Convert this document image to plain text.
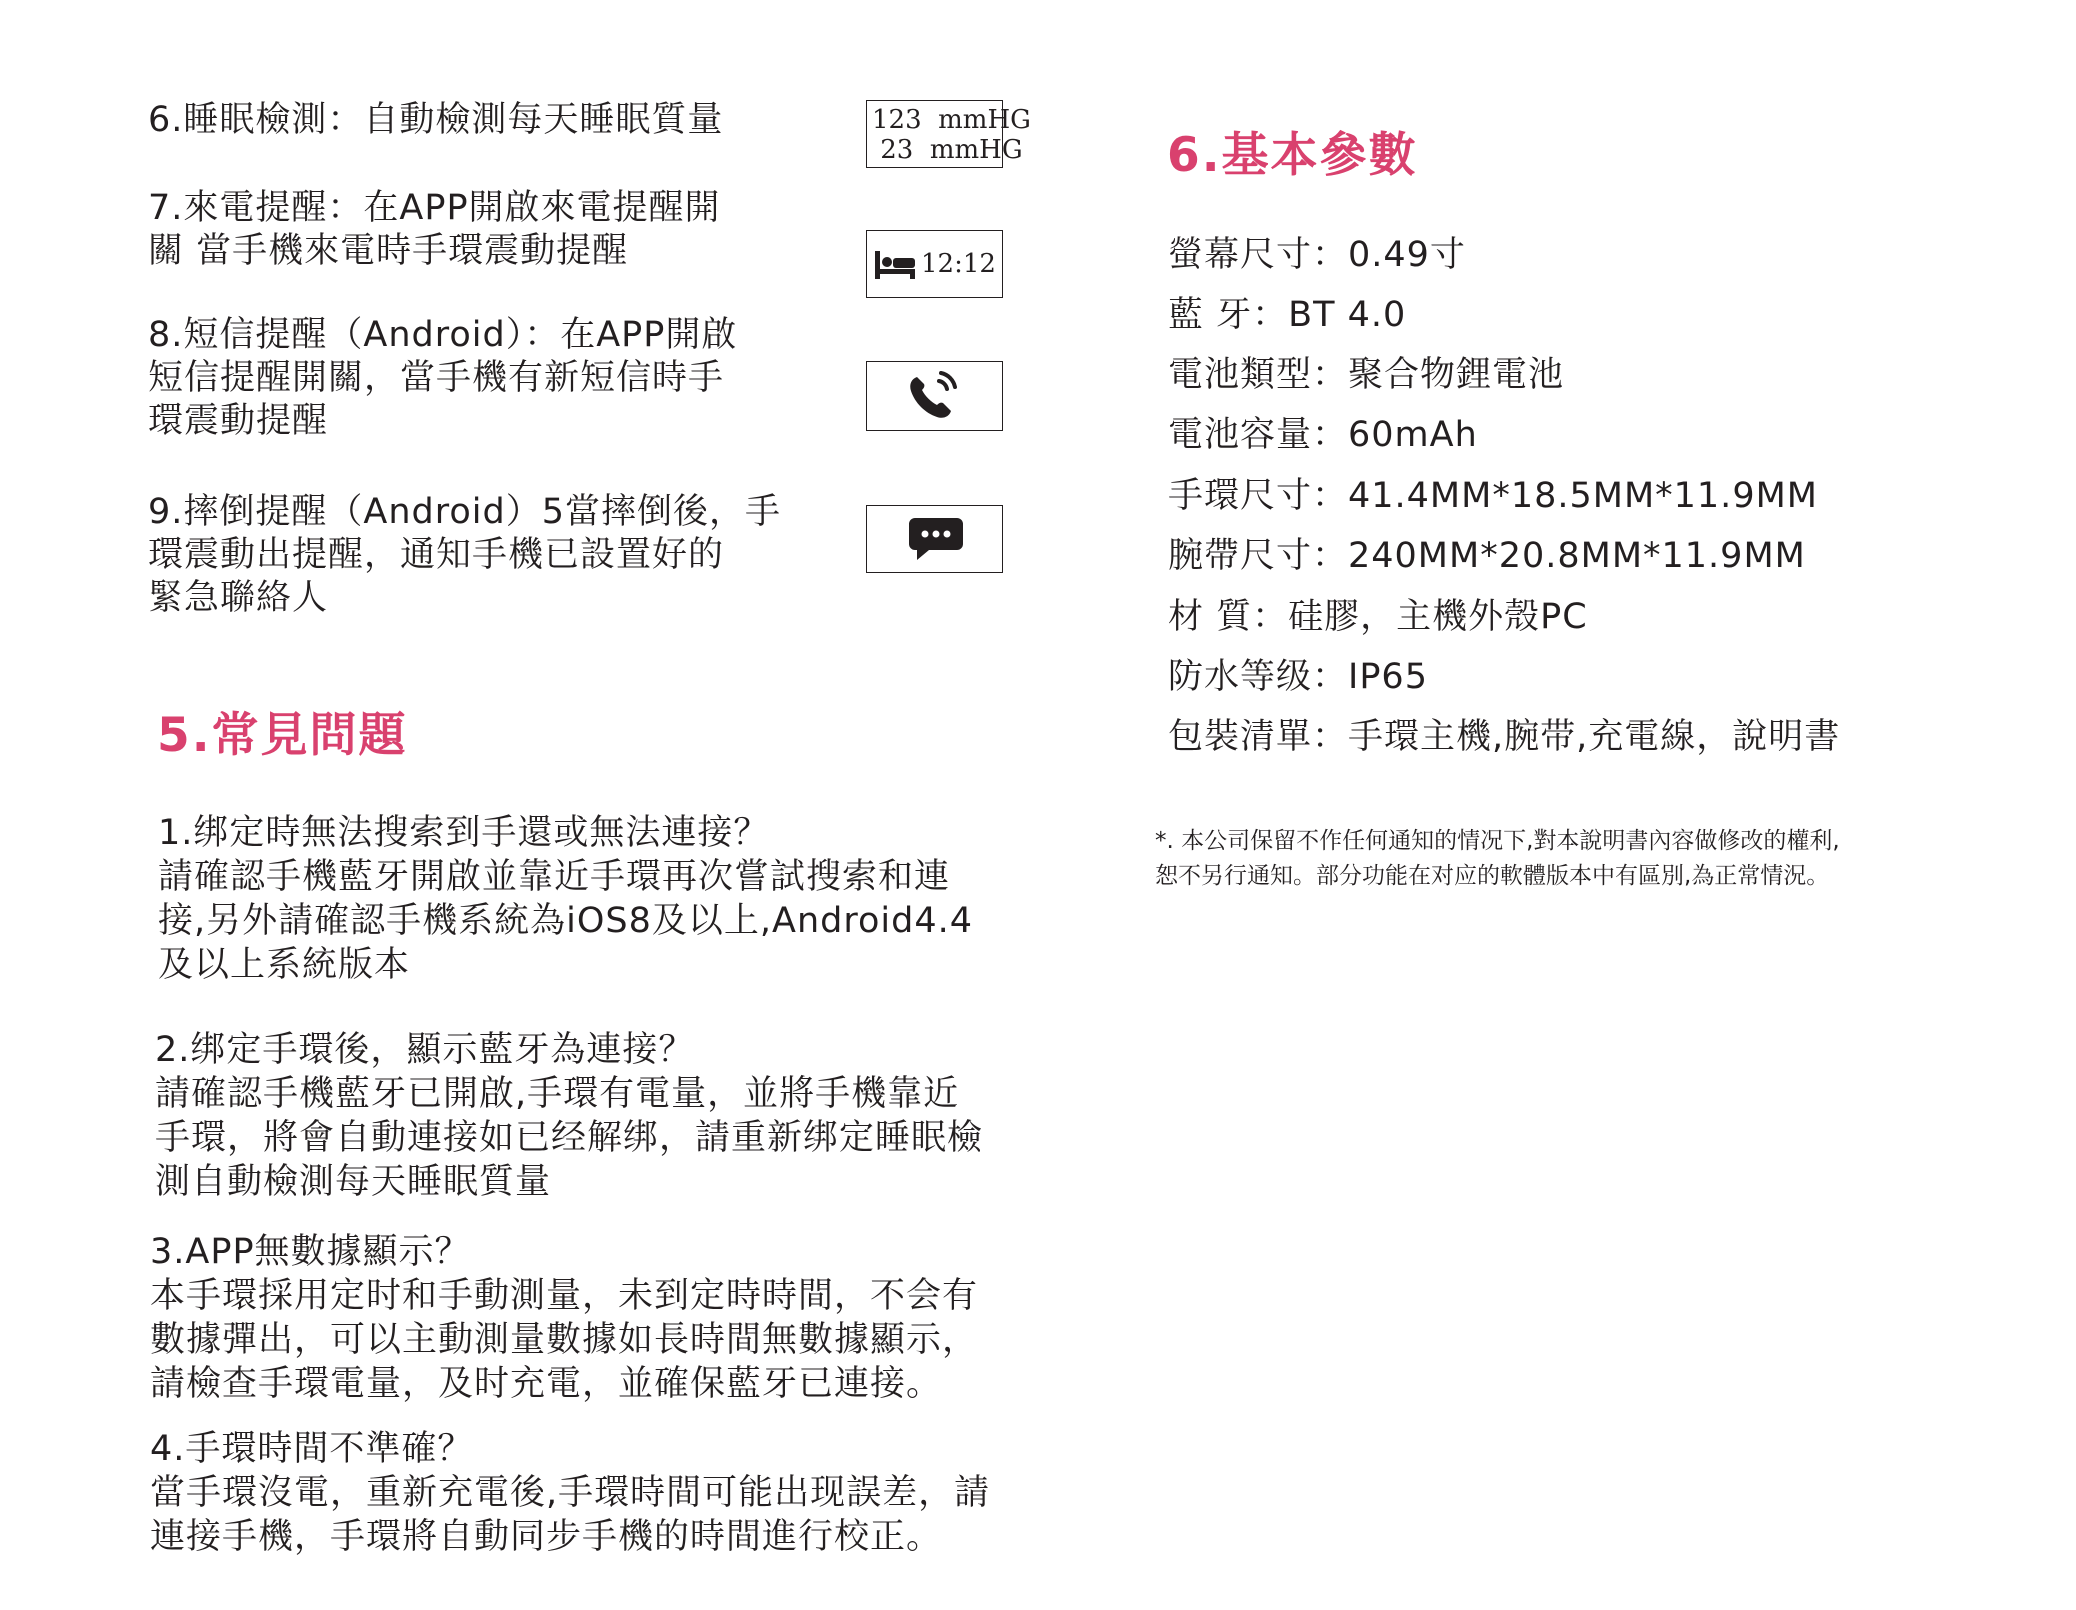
6.睡眠檢測：自動檢測每天睡眠質量
7.來電提醒：在APP開啟來電提醒開
關 當手機來電時手環震動提醒
8.短信提醒（Android）：在APP開啟
短信提醒開關，當手機有新短信時手
環震動提醒
9.摔倒提醒（Android）5當摔倒後，手
環震動出提醒，通知手機已設置好的
緊急聯絡人
123  mmHG
23  mmHG
12:12
5.常見問題
1.绑定時無法搜索到手還或無法連接？
請確認手機藍牙開啟並靠近手環再次嘗試搜索和連
接,另外請確認手機系統為iOS8及以上,Android4.4
及以上系統版本
2.绑定手環後，顯示藍牙為連接？
請確認手機藍牙已開啟,手環有電量，並將手機靠近
手環，將會自動連接如已经解绑，請重新绑定睡眠檢
測自動檢測每天睡眠質量
3.APP無數據顯示？
本手環採用定时和手動測量，未到定時時間，不会有
數據彈出，可以主動測量數據如長時間無數據顯示，
請檢查手環電量，及时充電，並確保藍牙已連接。
4.手環時間不準確？
當手環沒電，重新充電後,手環時間可能出现誤差，請
連接手機，手環將自動同步手機的時間進行校正。
6.基本參數
螢幕尺寸：0.49寸
藍 牙：BT 4.0
電池類型：聚合物鋰電池
電池容量：60mAh
手環尺寸：41.4MM*18.5MM*11.9MM
腕帶尺寸：240MM*20.8MM*11.9MM
材 質：硅膠，主機外殼PC
防水等级：IP65
包裝清單：手環主機,腕带,充電線，說明書
*. 本公司保留不作任何通知的情况下,對本說明書內容做修改的權利,
恕不另行通知。部分功能在对应的軟體版本中有區別,為正常情況。
